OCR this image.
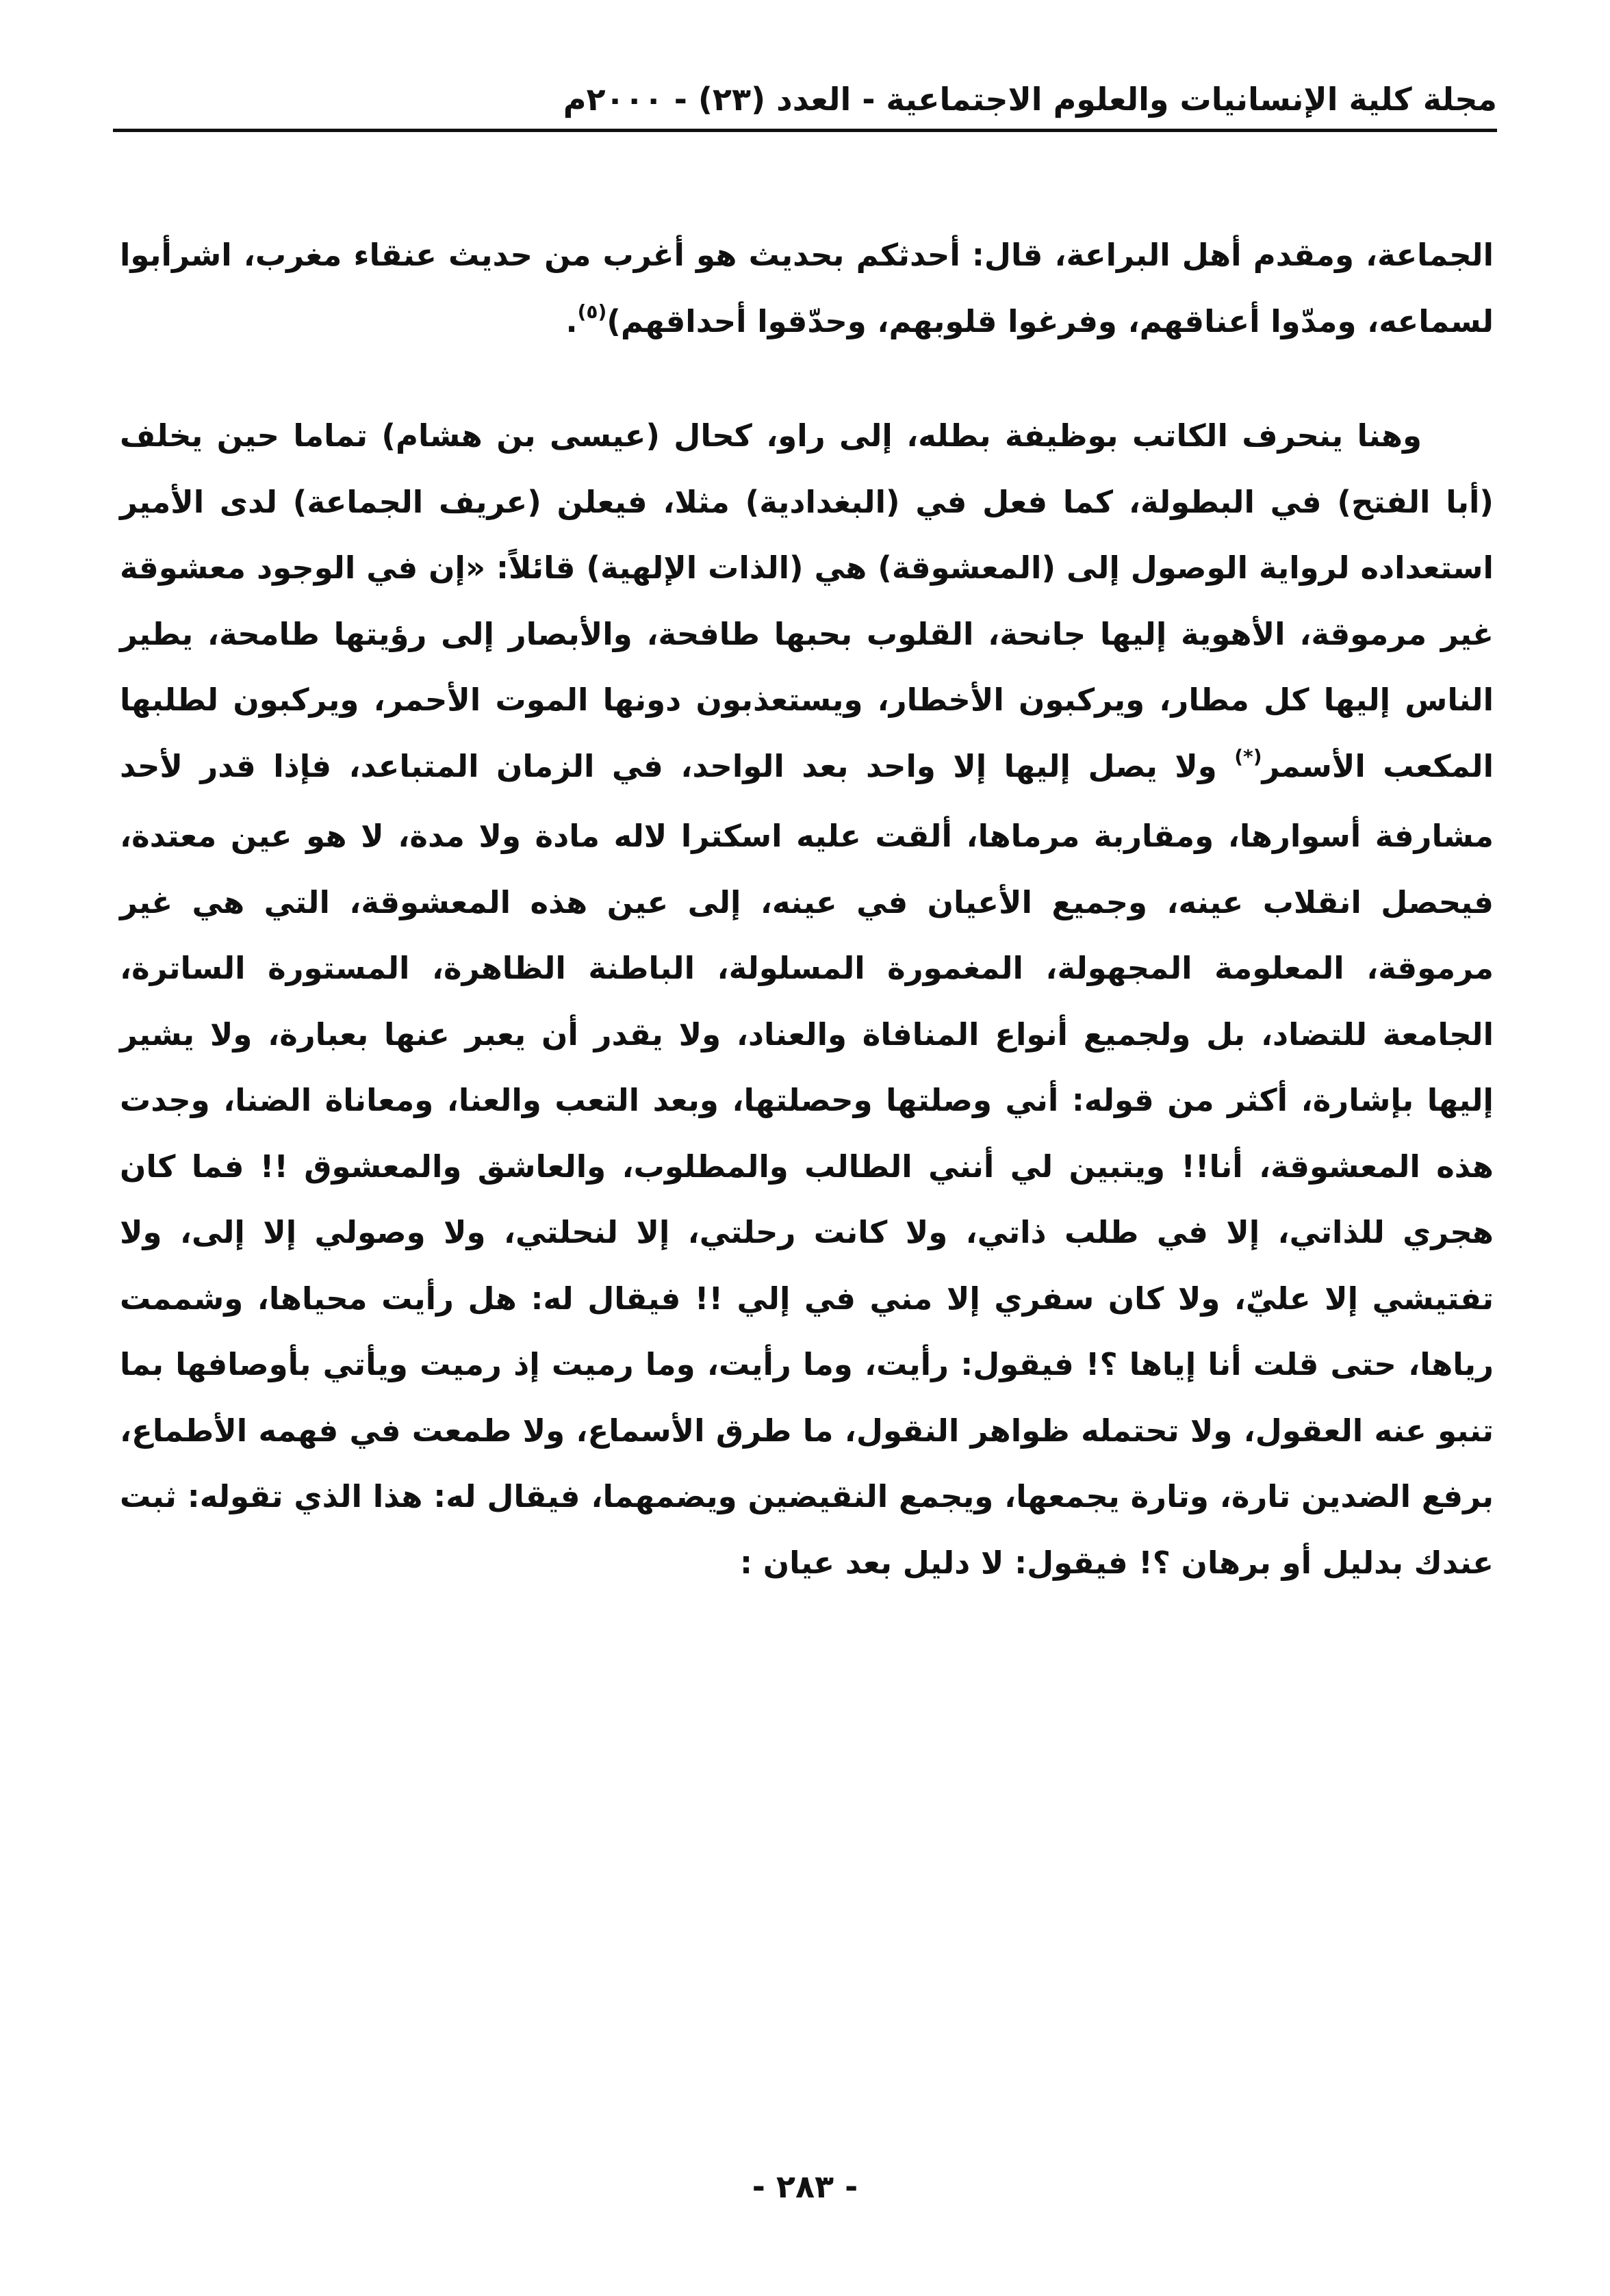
مجلة كلية الإنسانيات والعلوم الاجتماعية - العدد (٢٣) - ٢٠٠٠م

الجماعة، ومقدم أهل البراعة، قال: أحدثكم بحديث هو أغرب من حديث عنقاء مغرب، اشرأبوا لسماعه، ومدّوا أعناقهم، وفرغوا قلوبهم، وحدّقوا أحداقهم)$^{(٥)}$.

وهنا ينحرف الكاتب بوظيفة بطله، إلى راو، كحال (عيسى بن هشام) تماما حين يخلف (أبا الفتح) في البطولة، كما فعل في (البغدادية) مثلا، فيعلن (عريف الجماعة) لدى الأمير استعداده لرواية الوصول إلى (المعشوقة) هي (الذات الإلهية) قائلاً: «إن في الوجود معشوقة غير مرموقة، الأهوية إليها جانحة، القلوب بحبها طافحة، والأبصار إلى رؤيتها طامحة، يطير الناس إليها كل مطار، ويركبون الأخطار، ويستعذبون دونها الموت الأحمر، ويركبون لطلبها المكعب الأسمر(*) ولا يصل إليها إلا واحد بعد الواحد، في الزمان المتباعد، فإذا قدر لأحد مشارفة أسوارها، ومقاربة مرماها، ألقت عليه اسكترا لاله مادة ولا مدة، لا هو عين معتدة، فيحصل انقلاب عينه، وجميع الأعيان في عينه، إلى عين هذه المعشوقة، التي هي غير مرموقة، المعلومة المجهولة، المغمورة المسلولة، الباطنة الظاهرة، المستورة الساترة، الجامعة للتضاد، بل ولجميع أنواع المنافاة والعناد، ولا يقدر أن يعبر عنها بعبارة، ولا يشير إليها بإشارة، أكثر من قوله: أني وصلتها وحصلتها، وبعد التعب والعنا، ومعاناة الضنا، وجدت هذه المعشوقة، أنا!! ويتبين لي أنني الطالب والمطلوب، والعاشق والمعشوق !! فما كان هجري للذاتي، إلا في طلب ذاتي، ولا كانت رحلتي، إلا لنحلتي، ولا وصولي إلا إلى، ولا تفتيشي إلا عليّ، ولا كان سفري إلا مني في إلي !! فيقال له: هل رأيت محياها، وشممت رياها، حتى قلت أنا إياها ؟! فيقول: رأيت، وما رأيت، وما رميت إذ رميت ويأتي بأوصافها بما تنبو عنه العقول، ولا تحتمله ظواهر النقول، ما طرق الأسماع، ولا طمعت في فهمه الأطماع، برفع الضدين تارة، وتارة يجمعها، ويجمع النقيضين ويضمهما، فيقال له: هذا الذي تقوله: ثبت عندك بدليل أو برهان ؟! فيقول: لا دليل بعد عيان :

- ٢٨٣ -
